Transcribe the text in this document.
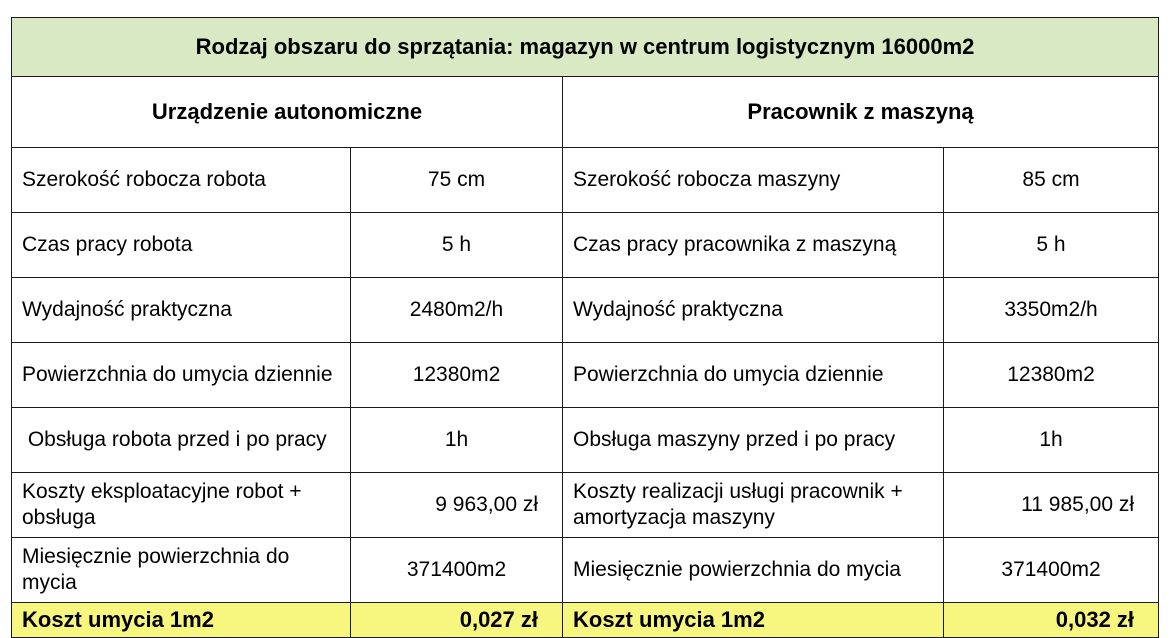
Rodzaj obszaru do sprzątania: magazyn w centrum logistycznym 16000m2			
Urządzenie autonomiczne		Pracownik z maszyną	
Szerokość robocza robota	75 cm	Szerokość robocza maszyny	85 cm
Czas pracy robota	5 h	Czas pracy pracownika z maszyną	5 h
Wydajność praktyczna	2480m2/h	Wydajność praktyczna	3350m2/h
Powierzchnia do umycia dziennie	12380m2	Powierzchnia do umycia dziennie	12380m2
Obsługa robota przed i po pracy	1h	Obsługa maszyny przed i po pracy	1h
Koszty eksploatacyjne robot + obsługa	9 963,00 zł	Koszty realizacji usługi pracownik + amortyzacja maszyny	11 985,00 zł
Miesięcznie powierzchnia do mycia	371400m2	Miesięcznie powierzchnia do mycia	371400m2
Koszt umycia 1m2	0,027 zł	Koszt umycia 1m2	0,032 zł
